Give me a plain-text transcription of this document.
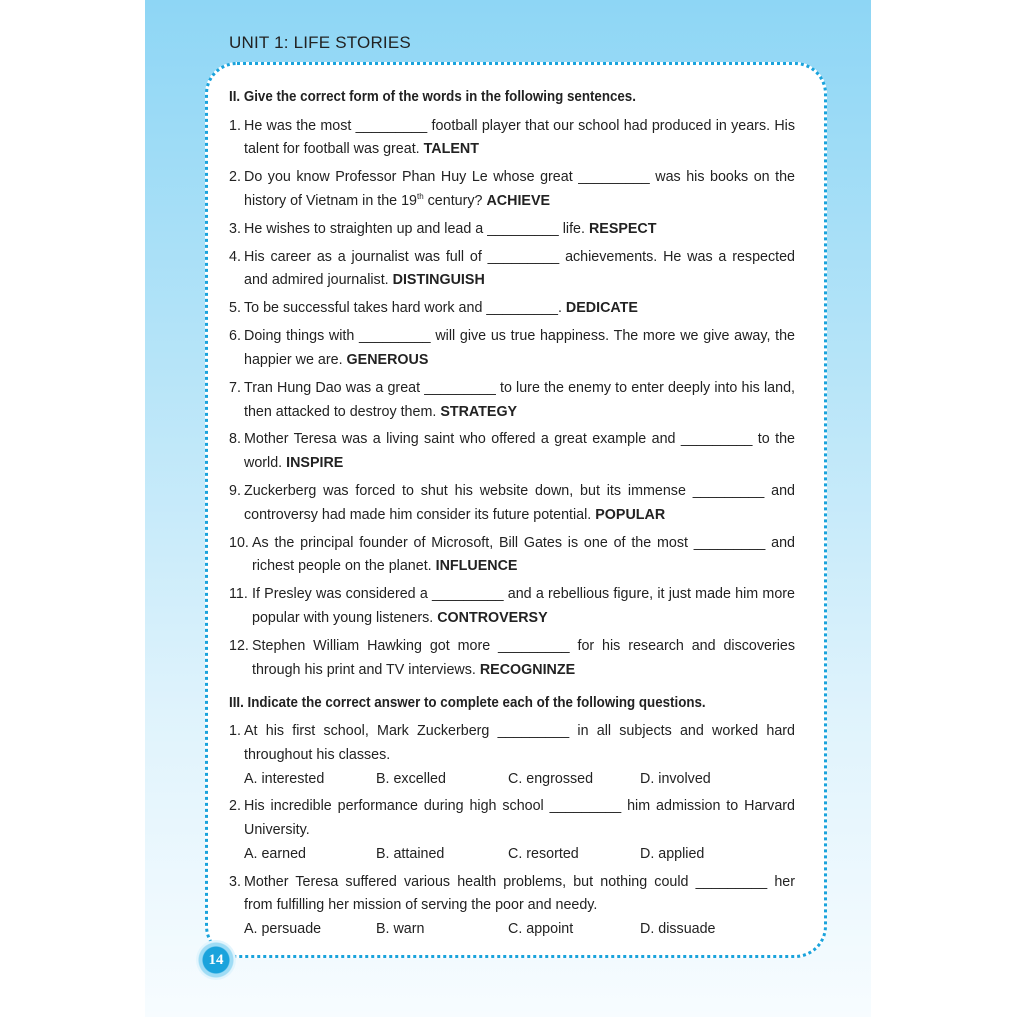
UNIT 1: LIFE STORIES
II. Give the correct form of the words in the following sentences.
1. He was the most _________ football player that our school had produced in years. His talent for football was great. TALENT
2. Do you know Professor Phan Huy Le whose great _________ was his books on the history of Vietnam in the 19th century? ACHIEVE
3. He wishes to straighten up and lead a _________ life. RESPECT
4. His career as a journalist was full of _________ achievements. He was a respected and admired journalist. DISTINGUISH
5. To be successful takes hard work and _________. DEDICATE
6. Doing things with _________ will give us true happiness. The more we give away, the happier we are. GENEROUS
7. Tran Hung Dao was a great _________ to lure the enemy to enter deeply into his land, then attacked to destroy them. STRATEGY
8. Mother Teresa was a living saint who offered a great example and _________ to the world. INSPIRE
9. Zuckerberg was forced to shut his website down, but its immense _________ and controversy had made him consider its future potential. POPULAR
10. As the principal founder of Microsoft, Bill Gates is one of the most _________ and richest people on the planet. INFLUENCE
11. If Presley was considered a _________ and a rebellious figure, it just made him more popular with young listeners. CONTROVERSY
12. Stephen William Hawking got more _________ for his research and discoveries through his print and TV interviews. RECOGNINZE
III. Indicate the correct answer to complete each of the following questions.
1. At his first school, Mark Zuckerberg _________ in all subjects and worked hard throughout his classes.
A. interested	B. excelled	C. engrossed	D. involved
2. His incredible performance during high school _________ him admission to Harvard University.
A. earned	B. attained	C. resorted	D. applied
3. Mother Teresa suffered various health problems, but nothing could _________ her from fulfilling her mission of serving the poor and needy.
A. persuade	B. warn	C. appoint	D. dissuade
14
